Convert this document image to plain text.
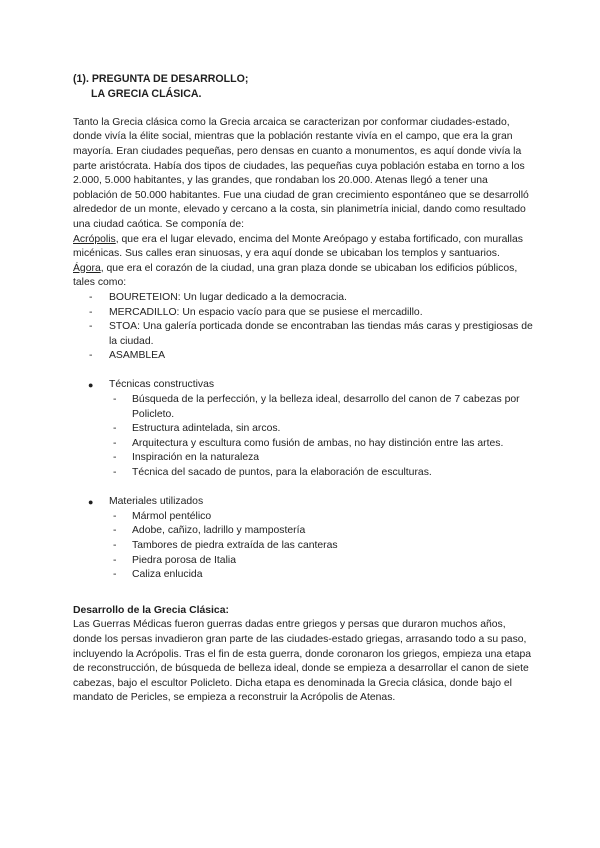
(1). PREGUNTA DE DESARROLLO;
LA GRECIA CLÁSICA.

Tanto la Grecia clásica como la Grecia arcaica se caracterizan por conformar ciudades-estado, donde vivía la élite social, mientras que la población restante vivía en el campo, que era la gran mayoría. Eran ciudades pequeñas, pero densas en cuanto a monumentos, es aquí donde vivía la parte aristócrata. Había dos tipos de ciudades, las pequeñas cuya población estaba en torno a los 2.000, 5.000 habitantes, y las grandes, que rondaban los 20.000. Atenas llegó a tener una población de 50.000 habitantes. Fue una ciudad de gran crecimiento espontáneo que se desarrolló alrededor de un monte, elevado y cercano a la costa, sin planimetría inicial, dando como resultado una ciudad caótica. Se componía de:

Acrópolis, que era el lugar elevado, encima del Monte Areópago y estaba fortificado, con murallas micénicas. Sus calles eran sinuosas, y era aquí donde se ubicaban los templos y santuarios.

Ágora, que era el corazón de la ciudad, una gran plaza donde se ubicaban los edificios públicos, tales como:

- BOURETEION: Un lugar dedicado a la democracia.
- MERCADILLO: Un espacio vacío para que se pusiese el mercadillo.
- STOA: Una galería porticada donde se encontraban las tiendas más caras y prestigiosas de la ciudad.
- ASAMBLEA
● Técnicas constructivas
- Búsqueda de la perfección, y la belleza ideal, desarrollo del canon de 7 cabezas por Policleto.
- Estructura adintelada, sin arcos.
- Arquitectura y escultura como fusión de ambas, no hay distinción entre las artes.
- Inspiración en la naturaleza
- Técnica del sacado de puntos, para la elaboración de esculturas.
● Materiales utilizados
- Mármol pentélico
- Adobe, cañizo, ladrillo y mampostería
- Tambores de piedra extraída de las canteras
- Piedra porosa de Italia
- Caliza enlucida
Desarrollo de la Grecia Clásica:

Las Guerras Médicas fueron guerras dadas entre griegos y persas que duraron muchos años, donde los persas invadieron gran parte de las ciudades-estado griegas, arrasando todo a su paso, incluyendo la Acrópolis. Tras el fin de esta guerra, donde coronaron los griegos, empieza una etapa de reconstrucción, de búsqueda de belleza ideal, donde se empieza a desarrollar el canon de siete cabezas, bajo el escultor Policleto. Dicha etapa es denominada la Grecia clásica, donde bajo el mandato de Pericles, se empieza a reconstruir la Acrópolis de Atenas.
